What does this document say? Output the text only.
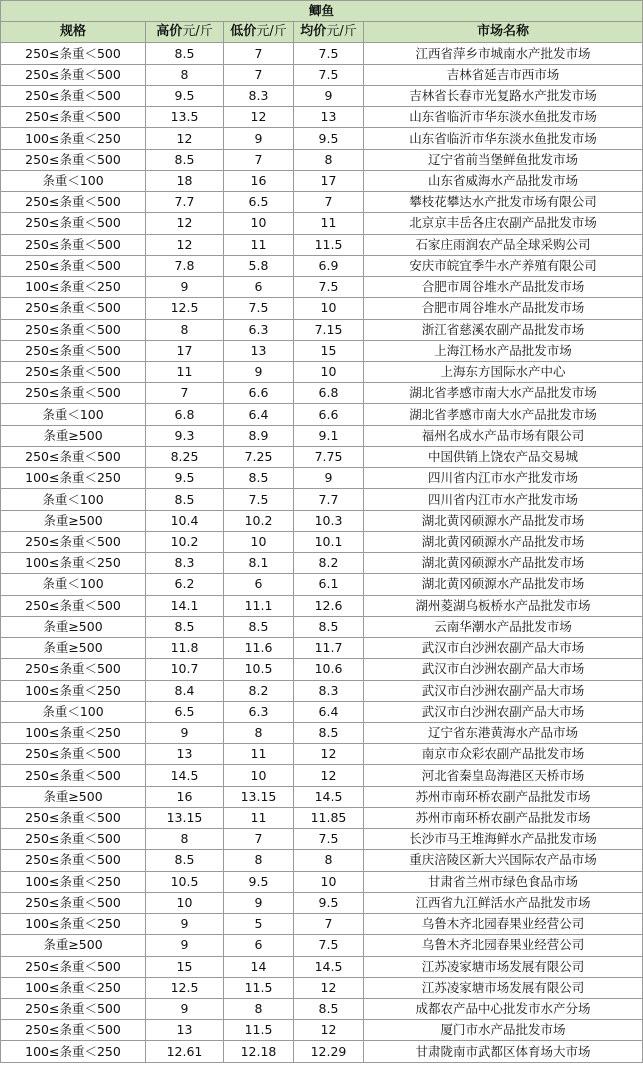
鲫鱼				
规格	高价元/斤	低价元/斤	均价元/斤	市场名称
250≤条重＜500	8.5	7	7.5	江西省萍乡市城南水产批发市场
250≤条重＜500	8	7	7.5	吉林省延吉市西市场
250≤条重＜500	9.5	8.3	9	吉林省长春市光复路水产批发市场
250≤条重＜500	13.5	12	13	山东省临沂市华东淡水鱼批发市场
100≤条重＜250	12	9	9.5	山东省临沂市华东淡水鱼批发市场
250≤条重＜500	8.5	7	8	辽宁省前当堡鲜鱼批发市场
条重＜100	18	16	17	山东省威海水产品批发市场
250≤条重＜500	7.7	6.5	7	攀枝花攀达水产批发市场有限公司
250≤条重＜500	12	10	11	北京京丰岳各庄农副产品批发市场
250≤条重＜500	12	11	11.5	石家庄雨润农产品全球采购公司
250≤条重＜500	7.8	5.8	6.9	安庆市皖宜季牛水产养殖有限公司
100≤条重＜250	9	6	7.5	合肥市周谷堆水产品批发市场
250≤条重＜500	12.5	7.5	10	合肥市周谷堆水产品批发市场
250≤条重＜500	8	6.3	7.15	浙江省慈溪农副产品批发市场
250≤条重＜500	17	13	15	上海江杨水产品批发市场
250≤条重＜500	11	9	10	上海东方国际水产中心
250≤条重＜500	7	6.6	6.8	湖北省孝感市南大水产品批发市场
条重＜100	6.8	6.4	6.6	湖北省孝感市南大水产品批发市场
条重≥500	9.3	8.9	9.1	福州名成水产品市场有限公司
250≤条重＜500	8.25	7.25	7.75	中国供销上饶农产品交易城
100≤条重＜250	9.5	8.5	9	四川省内江市水产批发市场
条重＜100	8.5	7.5	7.7	四川省内江市水产批发市场
条重≥500	10.4	10.2	10.3	湖北黄冈硕源水产品批发市场
250≤条重＜500	10.2	10	10.1	湖北黄冈硕源水产品批发市场
100≤条重＜250	8.3	8.1	8.2	湖北黄冈硕源水产品批发市场
条重＜100	6.2	6	6.1	湖北黄冈硕源水产品批发市场
250≤条重＜500	14.1	11.1	12.6	湖州菱湖乌板桥水产品批发市场
条重≥500	8.5	8.5	8.5	云南华潮水产品批发市场
条重≥500	11.8	11.6	11.7	武汉市白沙洲农副产品大市场
250≤条重＜500	10.7	10.5	10.6	武汉市白沙洲农副产品大市场
100≤条重＜250	8.4	8.2	8.3	武汉市白沙洲农副产品大市场
条重＜100	6.5	6.3	6.4	武汉市白沙洲农副产品大市场
100≤条重＜250	9	8	8.5	辽宁省东港黄海水产品市场
250≤条重＜500	13	11	12	南京市众彩农副产品批发市场
250≤条重＜500	14.5	10	12	河北省秦皇岛海港区天桥市场
条重≥500	16	13.15	14.5	苏州市南环桥农副产品批发市场
250≤条重＜500	13.15	11	11.85	苏州市南环桥农副产品批发市场
250≤条重＜500	8	7	7.5	长沙市马王堆海鲜水产品批发市场
250≤条重＜500	8.5	8	8	重庆涪陵区新大兴国际农产品市场
100≤条重＜250	10.5	9.5	10	甘肃省兰州市绿色食品市场
250≤条重＜500	10	9	9.5	江西省九江鲜活水产品批发市场
100≤条重＜250	9	5	7	乌鲁木齐北园春果业经营公司
条重≥500	9	6	7.5	乌鲁木齐北园春果业经营公司
250≤条重＜500	15	14	14.5	江苏凌家塘市场发展有限公司
100≤条重＜250	12.5	11.5	12	江苏凌家塘市场发展有限公司
250≤条重＜500	9	8	8.5	成都农产品中心批发市水产分场
250≤条重＜500	13	11.5	12	厦门市水产品批发市场
100≤条重＜250	12.61	12.18	12.29	甘肃陇南市武都区体育场大市场
